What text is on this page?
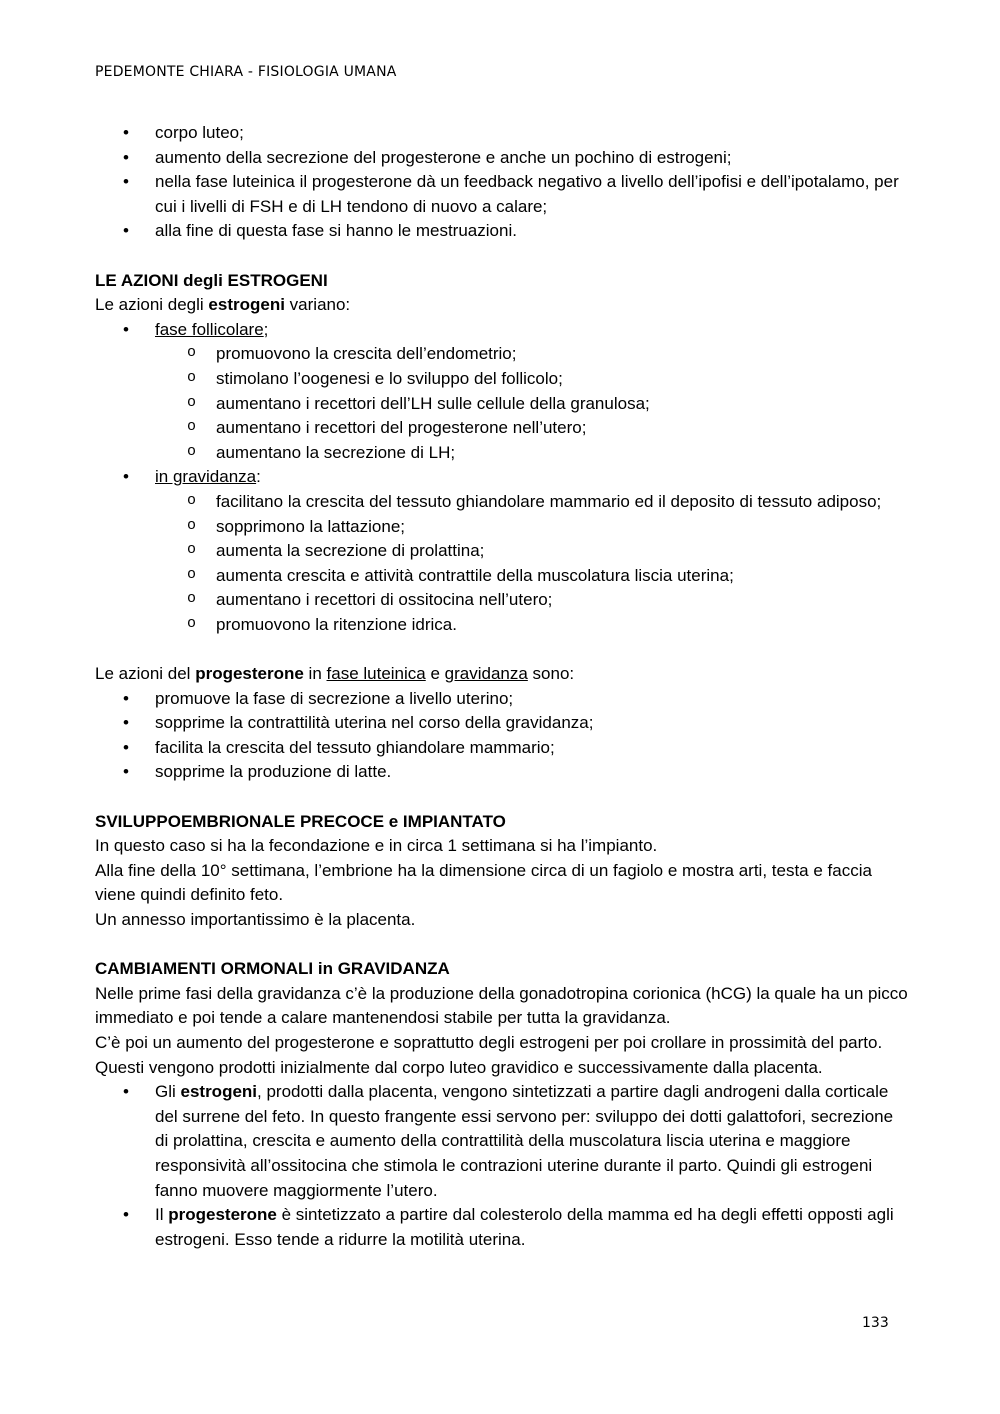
PEDEMONTE CHIARA - FISIOLOGIA UMANA
• corpo luteo;
• aumento della secrezione del progesterone e anche un pochino di estrogeni;
• nella fase luteinica il progesterone dà un feedback negativo a livello dell’ipofisi e dell’ipotalamo, per cui i livelli di FSH e di LH tendono di nuovo a calare;
• alla fine di questa fase si hanno le mestruazioni.
LE AZIONI degli ESTROGENI

Le azioni degli estrogeni variano:

• fase follicolare;
o promuovono la crescita dell’endometrio;
o stimolano l’oogenesi e lo sviluppo del follicolo;
o aumentano i recettori dell’LH sulle cellule della granulosa;
o aumentano i recettori del progesterone nell’utero;
o aumentano la secrezione di LH;
• in gravidanza:
o facilitano la crescita del tessuto ghiandolare mammario ed il deposito di tessuto adiposo;
o sopprimono la lattazione;
o aumenta la secrezione di prolattina;
o aumenta crescita e attività contrattile della muscolatura liscia uterina;
o aumentano i recettori di ossitocina nell’utero;
o promuovono la ritenzione idrica.

Le azioni del progesterone in fase luteinica e gravidanza sono:

• promuove la fase di secrezione a livello uterino;
• sopprime la contrattilità uterina nel corso della gravidanza;
• facilita la crescita del tessuto ghiandolare mammario;
• sopprime la produzione di latte.
SVILUPPOEMBRIONALE PRECOCE e IMPIANTATO

In questo caso si ha la fecondazione e in circa 1 settimana si ha l’impianto.

Alla fine della 10° settimana, l’embrione ha la dimensione circa di un fagiolo e mostra arti, testa e faccia viene quindi definito feto.

Un annesso importantissimo è la placenta.

CAMBIAMENTI ORMONALI in GRAVIDANZA

Nelle prime fasi della gravidanza c’è la produzione della gonadotropina corionica (hCG) la quale ha un picco immediato e poi tende a calare mantenendosi stabile per tutta la gravidanza.

C’è poi un aumento del progesterone e soprattutto degli estrogeni per poi crollare in prossimità del parto. Questi vengono prodotti inizialmente dal corpo luteo gravidico e successivamente dalla placenta.

• Gli estrogeni, prodotti dalla placenta, vengono sintetizzati a partire dagli androgeni dalla corticale del surrene del feto. In questo frangente essi servono per: sviluppo dei dotti galattofori, secrezione di prolattina, crescita e aumento della contrattilità della muscolatura liscia uterina e maggiore responsività all’ossitocina che stimola le contrazioni uterine durante il parto. Quindi gli estrogeni fanno muovere maggiormente l’utero.
• Il progesterone è sintetizzato a partire dal colesterolo della mamma ed ha degli effetti opposti agli estrogeni. Esso tende a ridurre la motilità uterina.
133
